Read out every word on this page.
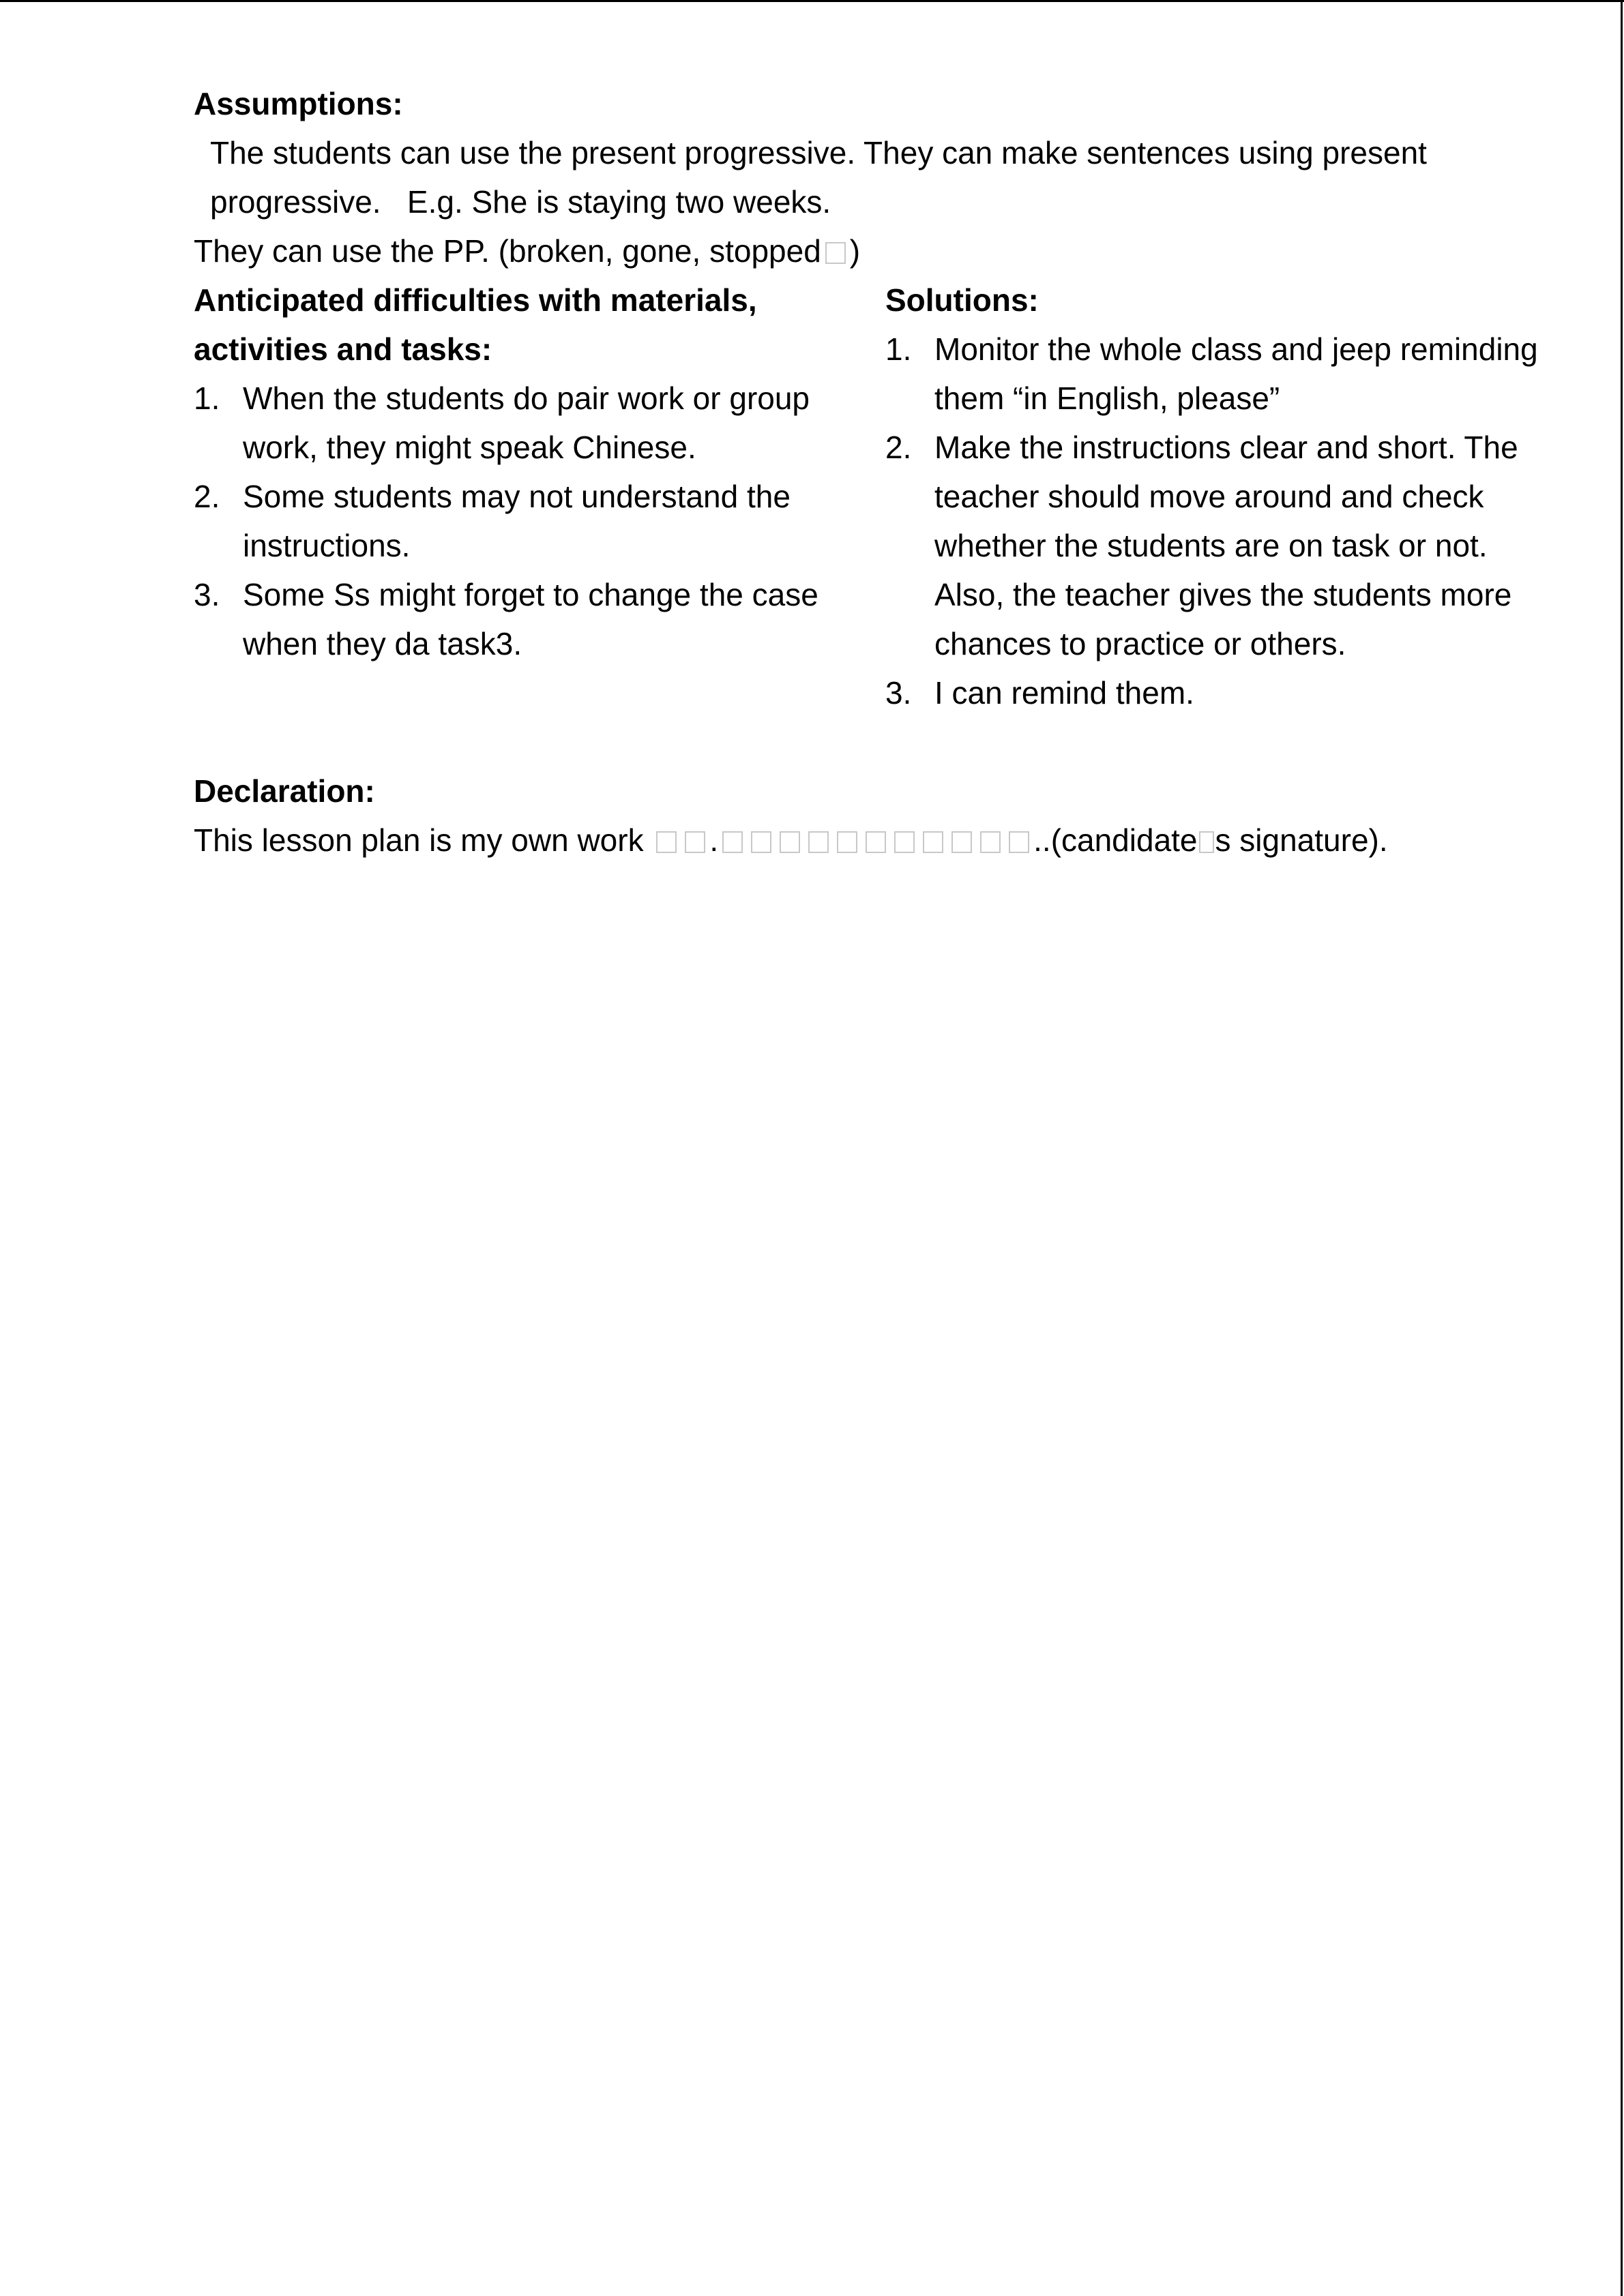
Assumptions:

The students can use the present progressive. They can make sentences using present progressive.   E.g. She is staying two weeks.

They can use the PP. (broken, gone, stopped )

Anticipated difficulties with materials, activities and tasks:

1. When the students do pair work or group work, they might speak Chinese.
2. Some students may not understand the instructions.
3. Some Ss might forget to change the case when they da task3.

Solutions:

1. Monitor the whole class and jeep reminding them “in English, please”
2. Make the instructions clear and short. The teacher should move around and check whether the students are on task or not. Also, the teacher gives the students more chances to practice or others.
3. I can remind them.

Declaration:

This lesson plan is my own work .	..(candidate s signature).
